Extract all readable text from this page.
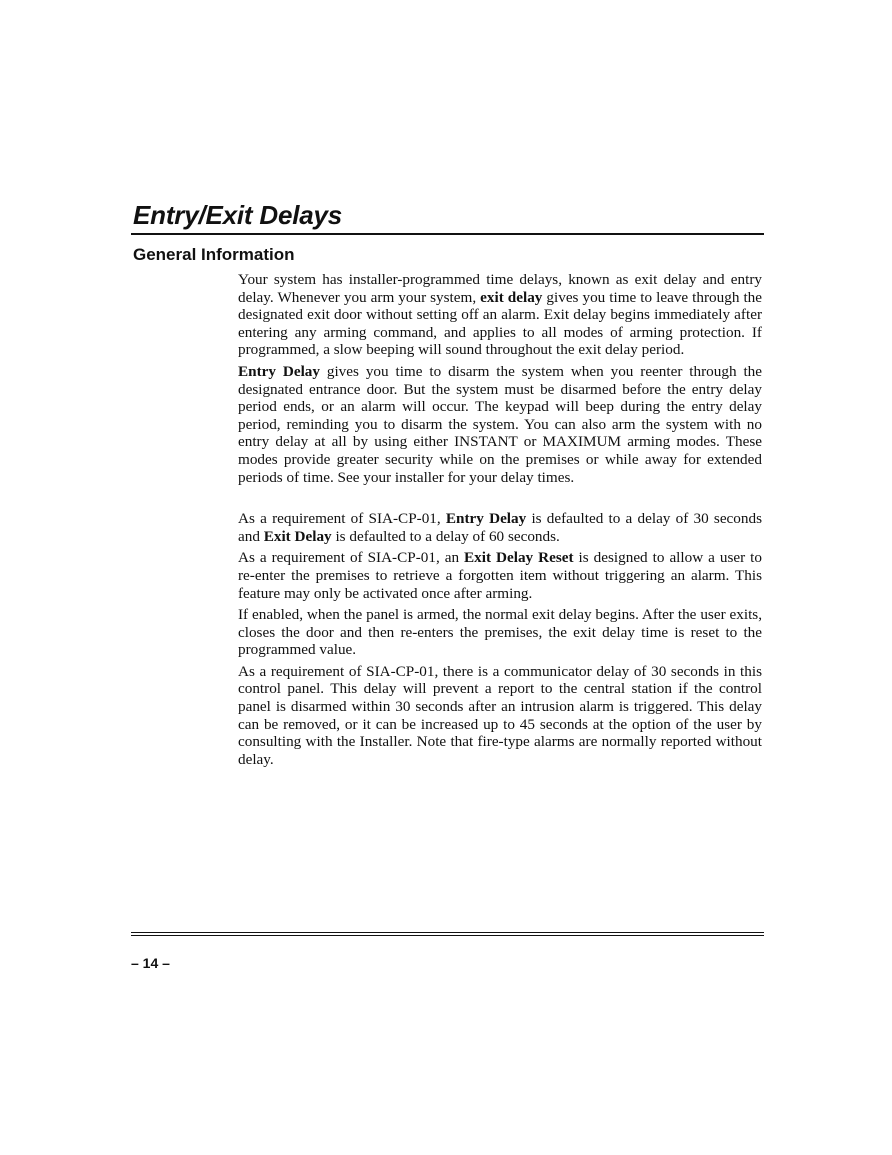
Entry/Exit Delays
General Information

Your system has installer-programmed time delays, known as exit delay and entry delay. Whenever you arm your system, exit delay gives you time to leave through the designated exit door without setting off an alarm. Exit delay begins immediately after entering any arming command, and applies to all modes of arming protection. If programmed, a slow beeping will sound throughout the exit delay period.

Entry Delay gives you time to disarm the system when you reenter through the designated entrance door. But the system must be disarmed before the entry delay period ends, or an alarm will occur. The keypad will beep during the entry delay period, reminding you to disarm the system. You can also arm the system with no entry delay at all by using either INSTANT or MAXIMUM arming modes. These modes provide greater security while on the premises or while away for extended periods of time. See your installer for your delay times.

As a requirement of SIA-CP-01, Entry Delay is defaulted to a delay of 30 seconds and Exit Delay is defaulted to a delay of 60 seconds.

As a requirement of SIA-CP-01, an Exit Delay Reset is designed to allow a user to re-enter the premises to retrieve a forgotten item without triggering an alarm. This feature may only be activated once after arming.

If enabled, when the panel is armed, the normal exit delay begins. After the user exits, closes the door and then re-enters the premises, the exit delay time is reset to the programmed value.

As a requirement of SIA-CP-01, there is a communicator delay of 30 seconds in this control panel. This delay will prevent a report to the central station if the control panel is disarmed within 30 seconds after an intrusion alarm is triggered. This delay can be removed, or it can be increased up to 45 seconds at the option of the user by consulting with the Installer. Note that fire-type alarms are normally reported without delay.

– 14 –
